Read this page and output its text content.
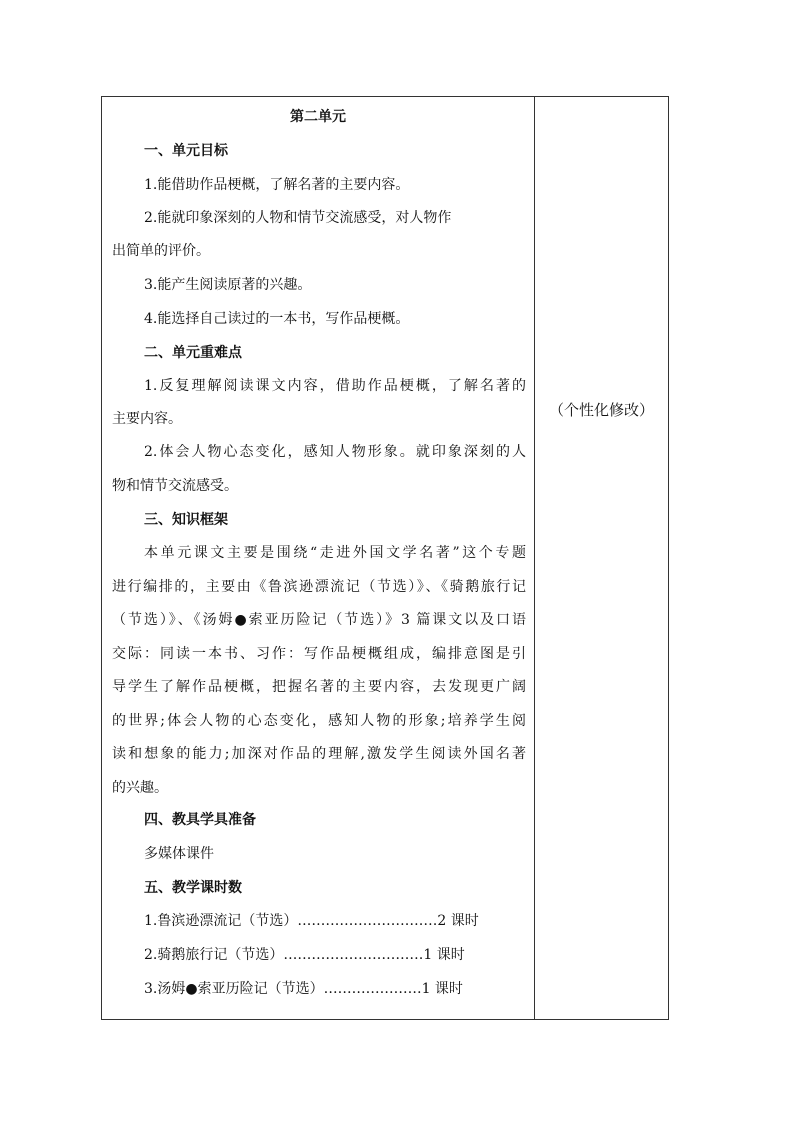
第二单元
一、单元目标
1.能借助作品梗概，了解名著的主要内容。
2.能就印象深刻的人物和情节交流感受，对人物作
出简单的评价。
3.能产生阅读原著的兴趣。
4.能选择自己读过的一本书，写作品梗概。
二、单元重难点
1.反复理解阅读课文内容，借助作品梗概，了解名著的
主要内容。
2.体会人物心态变化，感知人物形象。就印象深刻的人
物和情节交流感受。
三、知识框架
本单元课文主要是围绕“走进外国文学名著”这个专题
进行编排的，主要由《鲁滨逊漂流记（节选）》、《骑鹅旅行记
（节选）》、《汤姆●索亚历险记（节选）》3 篇课文以及口语
交际：同读一本书、习作：写作品梗概组成，编排意图是引
导学生了解作品梗概，把握名著的主要内容，去发现更广阔
的世界;体会人物的心态变化，感知人物的形象;培养学生阅
读和想象的能力;加深对作品的理解,激发学生阅读外国名著
的兴趣。
四、教具学具准备
多媒体课件
五、教学课时数
1.鲁滨逊漂流记（节选）…………………………2 课时
2.骑鹅旅行记（节选）…………………………1 课时
3.汤姆●索亚历险记（节选）…………………1 课时
（个性化修改）
